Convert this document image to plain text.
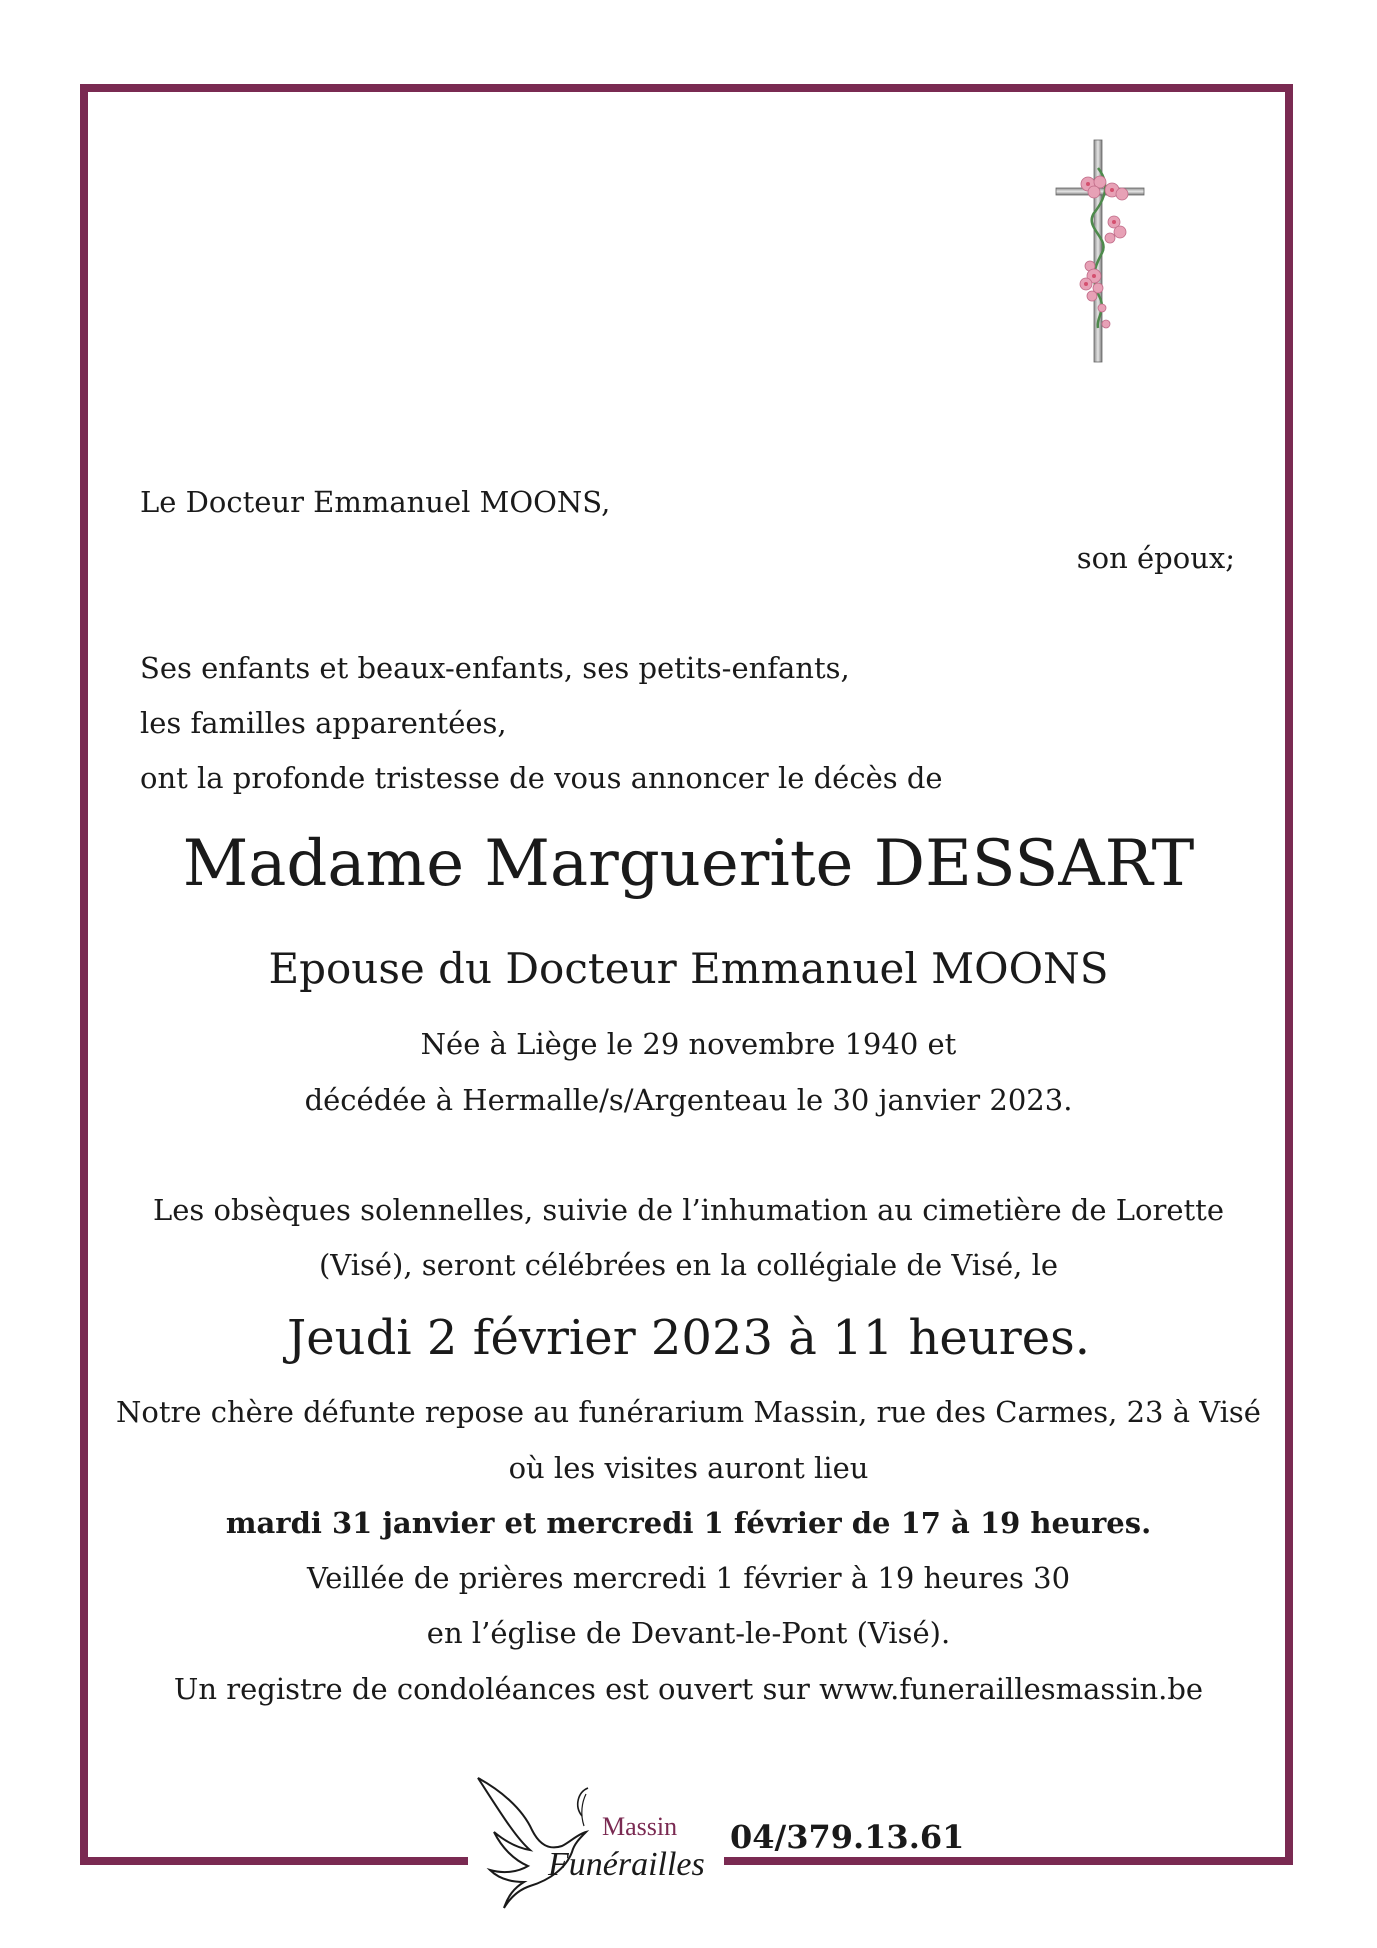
Le Docteur Emmanuel MOONS,
son époux;
Ses enfants et beaux-enfants, ses petits-enfants,
les familles apparentées,
ont la profonde tristesse de vous annoncer le décès de
Madame Marguerite DESSART
Epouse du Docteur Emmanuel MOONS
Née à Liège le 29 novembre 1940 et
décédée à Hermalle/s/Argenteau le 30 janvier 2023.
Les obsèques solennelles, suivie de l’inhumation au cimetière de Lorette
(Visé), seront célébrées en la collégiale de Visé, le
Jeudi 2 février 2023 à 11 heures.
Notre chère défunte repose au funérarium Massin, rue des Carmes, 23 à Visé
où les visites auront lieu
mardi 31 janvier et mercredi 1 février de 17 à 19 heures.
Veillée de prières mercredi 1 février à 19 heures 30
en l’église de Devant-le-Pont (Visé).
Un registre de condoléances est ouvert sur www.funeraillesmassin.be
Massin
Funérailles
04/379.13.61
